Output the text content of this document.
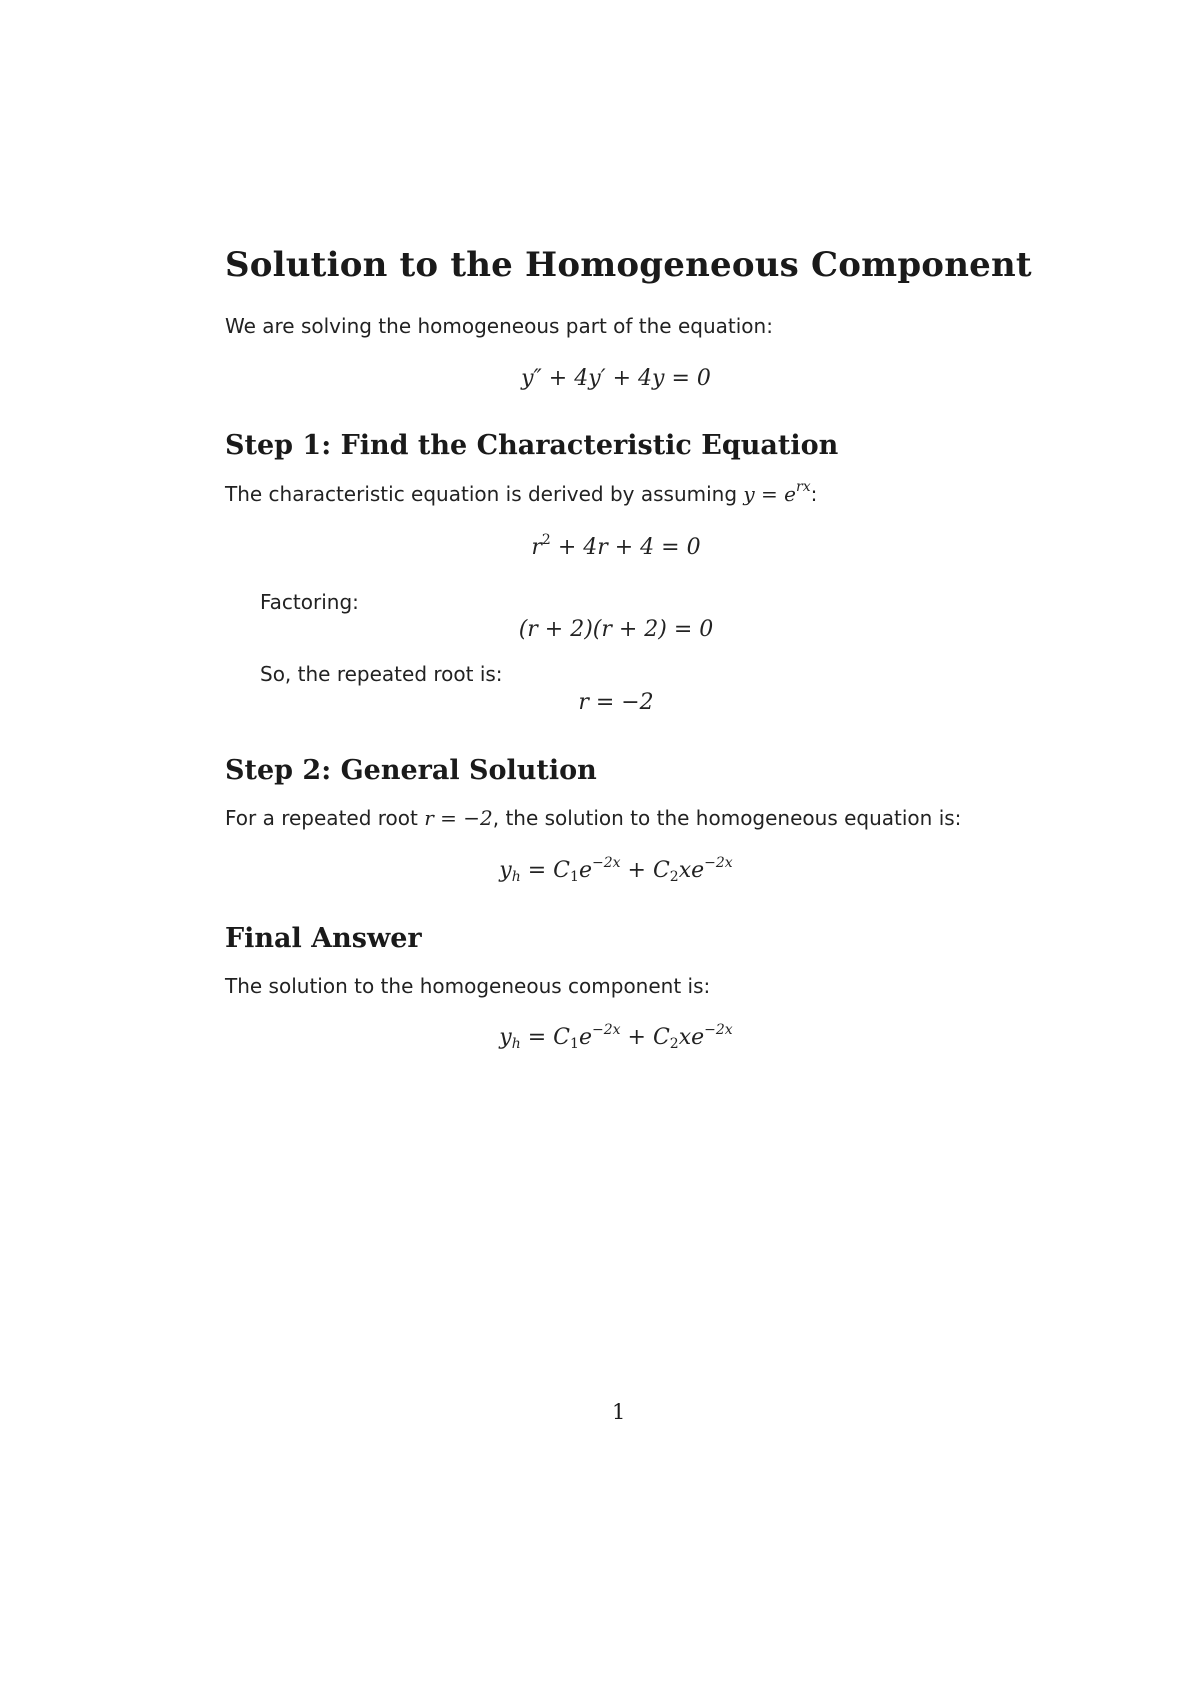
Solution to the Homogeneous Component
We are solving the homogeneous part of the equation:
y″ + 4y′ + 4y = 0
Step 1: Find the Characteristic Equation
The characteristic equation is derived by assuming $y = e^{rx}$:
$r^2 + 4r + 4 = 0$
Factoring:
(r + 2)(r + 2) = 0
So, the repeated root is:
r = −2
Step 2: General Solution
For a repeated root r = −2, the solution to the homogeneous equation is:
$y_h = C_1e^{-2x} + C_2xe^{-2x}$
Final Answer
The solution to the homogeneous component is:
$y_h = C_1e^{-2x} + C_2xe^{-2x}$
1
